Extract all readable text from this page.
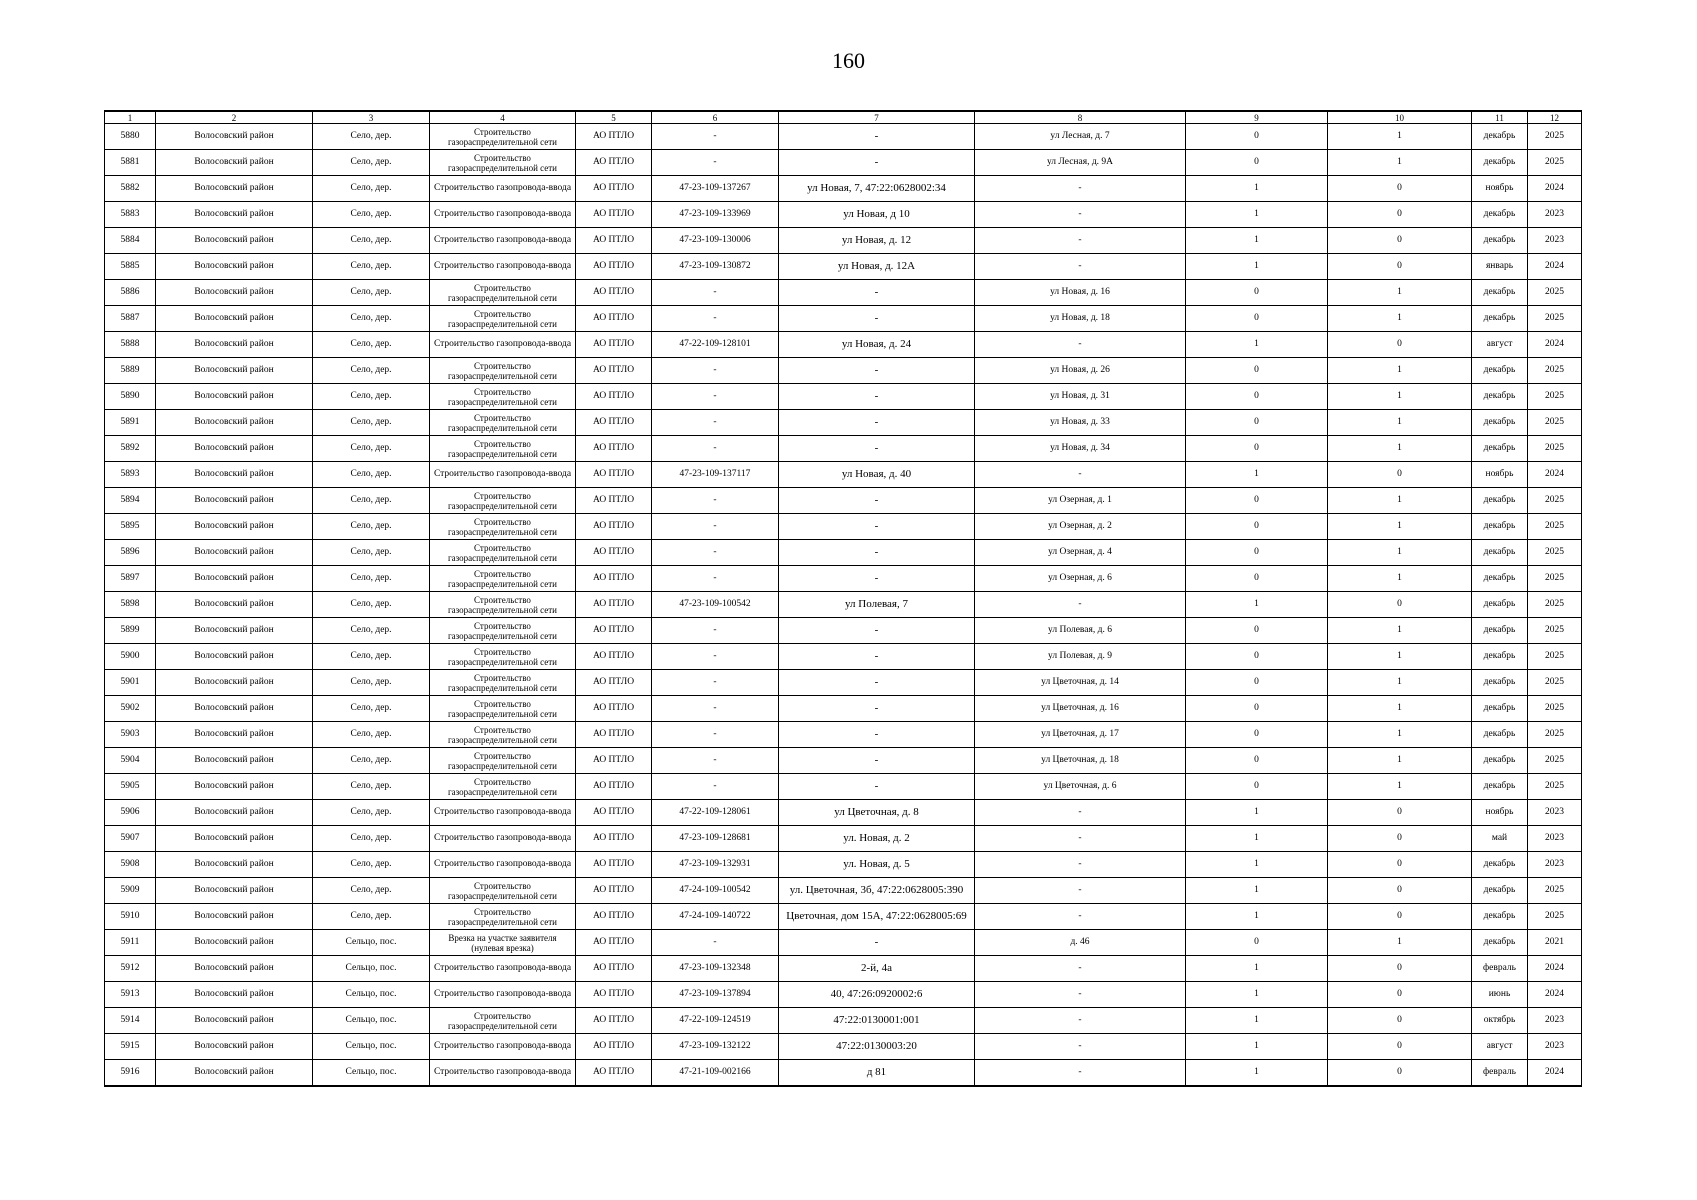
160
1	2	3	4	5	6	7	8	9	10	11	12
5880	Волосовский район	Село, дер.	Строительство газораспределительной сети	АО ПТЛО	-	-	ул Лесная, д. 7	0	1	декабрь	2025
5881	Волосовский район	Село, дер.	Строительство газораспределительной сети	АО ПТЛО	-	-	ул Лесная, д. 9А	0	1	декабрь	2025
5882	Волосовский район	Село, дер.	Строительство газопровода-ввода	АО ПТЛО	47-23-109-137267	ул Новая, 7, 47:22:0628002:34	-	1	0	ноябрь	2024
5883	Волосовский район	Село, дер.	Строительство газопровода-ввода	АО ПТЛО	47-23-109-133969	ул Новая, д 10	-	1	0	декабрь	2023
5884	Волосовский район	Село, дер.	Строительство газопровода-ввода	АО ПТЛО	47-23-109-130006	ул Новая, д. 12	-	1	0	декабрь	2023
5885	Волосовский район	Село, дер.	Строительство газопровода-ввода	АО ПТЛО	47-23-109-130872	ул Новая, д. 12А	-	1	0	январь	2024
5886	Волосовский район	Село, дер.	Строительство газораспределительной сети	АО ПТЛО	-	-	ул Новая, д. 16	0	1	декабрь	2025
5887	Волосовский район	Село, дер.	Строительство газораспределительной сети	АО ПТЛО	-	-	ул Новая, д. 18	0	1	декабрь	2025
5888	Волосовский район	Село, дер.	Строительство газопровода-ввода	АО ПТЛО	47-22-109-128101	ул Новая, д. 24	-	1	0	август	2024
5889	Волосовский район	Село, дер.	Строительство газораспределительной сети	АО ПТЛО	-	-	ул Новая, д. 26	0	1	декабрь	2025
5890	Волосовский район	Село, дер.	Строительство газораспределительной сети	АО ПТЛО	-	-	ул Новая, д. 31	0	1	декабрь	2025
5891	Волосовский район	Село, дер.	Строительство газораспределительной сети	АО ПТЛО	-	-	ул Новая, д. 33	0	1	декабрь	2025
5892	Волосовский район	Село, дер.	Строительство газораспределительной сети	АО ПТЛО	-	-	ул Новая, д. 34	0	1	декабрь	2025
5893	Волосовский район	Село, дер.	Строительство газопровода-ввода	АО ПТЛО	47-23-109-137117	ул Новая, д. 40	-	1	0	ноябрь	2024
5894	Волосовский район	Село, дер.	Строительство газораспределительной сети	АО ПТЛО	-	-	ул Озерная, д. 1	0	1	декабрь	2025
5895	Волосовский район	Село, дер.	Строительство газораспределительной сети	АО ПТЛО	-	-	ул Озерная, д. 2	0	1	декабрь	2025
5896	Волосовский район	Село, дер.	Строительство газораспределительной сети	АО ПТЛО	-	-	ул Озерная, д. 4	0	1	декабрь	2025
5897	Волосовский район	Село, дер.	Строительство газораспределительной сети	АО ПТЛО	-	-	ул Озерная, д. 6	0	1	декабрь	2025
5898	Волосовский район	Село, дер.	Строительство газораспределительной сети	АО ПТЛО	47-23-109-100542	ул Полевая, 7	-	1	0	декабрь	2025
5899	Волосовский район	Село, дер.	Строительство газораспределительной сети	АО ПТЛО	-	-	ул Полевая, д. 6	0	1	декабрь	2025
5900	Волосовский район	Село, дер.	Строительство газораспределительной сети	АО ПТЛО	-	-	ул Полевая, д. 9	0	1	декабрь	2025
5901	Волосовский район	Село, дер.	Строительство газораспределительной сети	АО ПТЛО	-	-	ул Цветочная, д. 14	0	1	декабрь	2025
5902	Волосовский район	Село, дер.	Строительство газораспределительной сети	АО ПТЛО	-	-	ул Цветочная, д. 16	0	1	декабрь	2025
5903	Волосовский район	Село, дер.	Строительство газораспределительной сети	АО ПТЛО	-	-	ул Цветочная, д. 17	0	1	декабрь	2025
5904	Волосовский район	Село, дер.	Строительство газораспределительной сети	АО ПТЛО	-	-	ул Цветочная, д. 18	0	1	декабрь	2025
5905	Волосовский район	Село, дер.	Строительство газораспределительной сети	АО ПТЛО	-	-	ул Цветочная, д. 6	0	1	декабрь	2025
5906	Волосовский район	Село, дер.	Строительство газопровода-ввода	АО ПТЛО	47-22-109-128061	ул Цветочная, д. 8	-	1	0	ноябрь	2023
5907	Волосовский район	Село, дер.	Строительство газопровода-ввода	АО ПТЛО	47-23-109-128681	ул. Новая, д. 2	-	1	0	май	2023
5908	Волосовский район	Село, дер.	Строительство газопровода-ввода	АО ПТЛО	47-23-109-132931	ул. Новая, д. 5	-	1	0	декабрь	2023
5909	Волосовский район	Село, дер.	Строительство газораспределительной сети	АО ПТЛО	47-24-109-100542	ул. Цветочная, 3б, 47:22:0628005:390	-	1	0	декабрь	2025
5910	Волосовский район	Село, дер.	Строительство газораспределительной сети	АО ПТЛО	47-24-109-140722	Цветочная, дом 15А, 47:22:0628005:69	-	1	0	декабрь	2025
5911	Волосовский район	Сельцо, пос.	Врезка на участке заявителя (нулевая врезка)	АО ПТЛО	-	-	д. 46	0	1	декабрь	2021
5912	Волосовский район	Сельцо, пос.	Строительство газопровода-ввода	АО ПТЛО	47-23-109-132348	2-й, 4а	-	1	0	февраль	2024
5913	Волосовский район	Сельцо, пос.	Строительство газопровода-ввода	АО ПТЛО	47-23-109-137894	40, 47:26:0920002:6	-	1	0	июнь	2024
5914	Волосовский район	Сельцо, пос.	Строительство газораспределительной сети	АО ПТЛО	47-22-109-124519	47:22:0130001:001	-	1	0	октябрь	2023
5915	Волосовский район	Сельцо, пос.	Строительство газопровода-ввода	АО ПТЛО	47-23-109-132122	47:22:0130003:20	-	1	0	август	2023
5916	Волосовский район	Сельцо, пос.	Строительство газопровода-ввода	АО ПТЛО	47-21-109-002166	д 81	-	1	0	февраль	2024
